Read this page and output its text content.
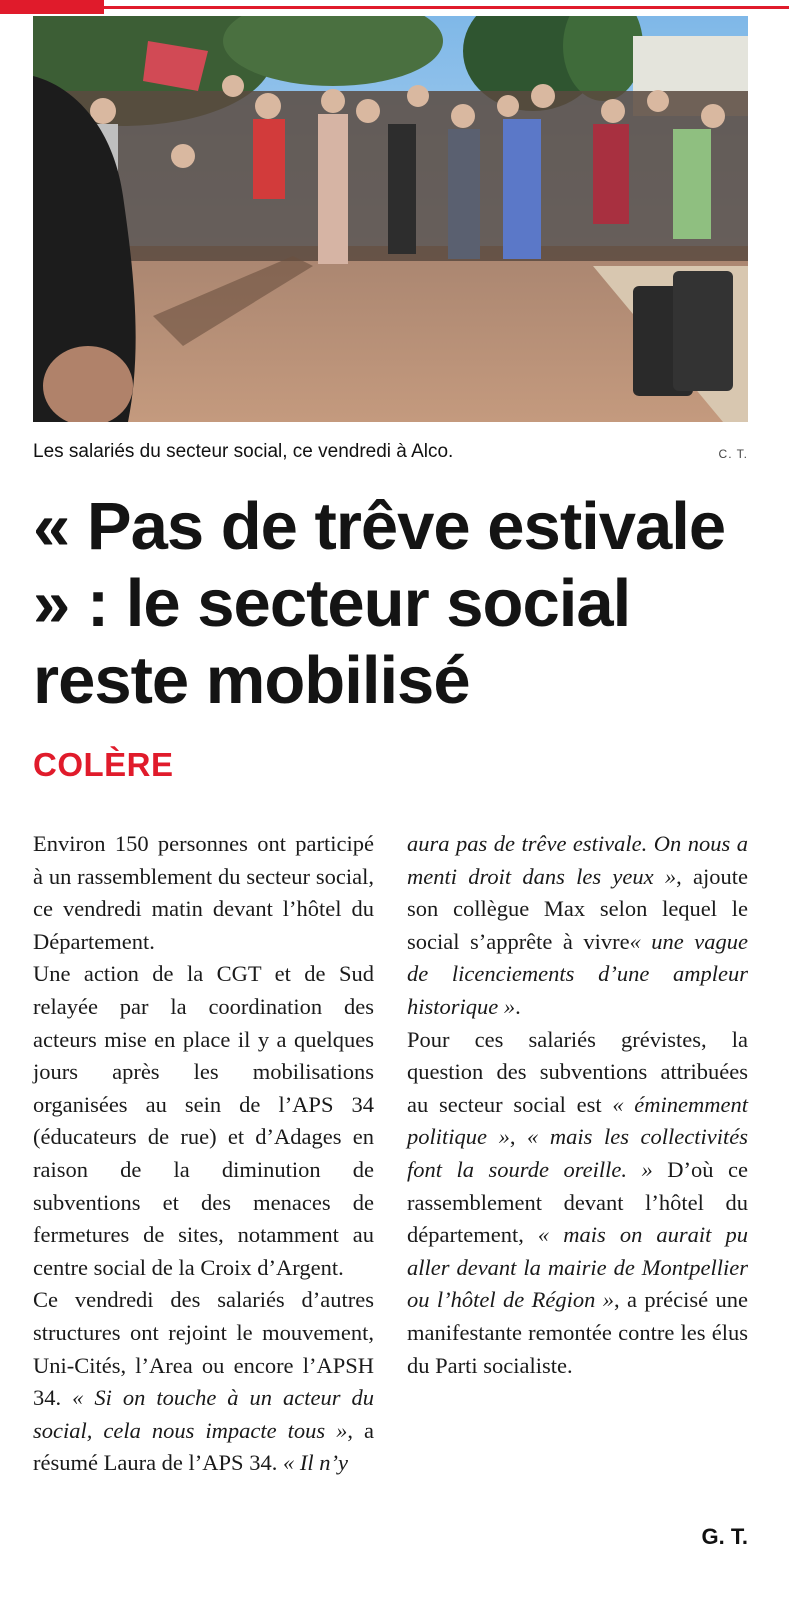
Les salariés du secteur social, ce vendredi à Alco.	C. T.
« Pas de trêve estivale » : le secteur social reste mobilisé
COLÈRE

Environ 150 personnes ont participé à un rassemblement du secteur social, ce vendredi matin devant l’hôtel du Département.

Une action de la CGT et de Sud relayée par la coordination des acteurs mise en place il y a quelques jours après les mobilisations organisées au sein de l’APS 34 (éducateurs de rue) et d’Adages en raison de la diminution de subventions et des menaces de fermetures de sites, notamment au centre social de la Croix d’Argent.

Ce vendredi des salariés d’autres structures ont rejoint le mouvement, Uni-Cités, l’Area ou encore l’APSH 34. « Si on touche à un acteur du social, cela nous impacte tous », a résumé Laura de l’APS 34. « Il n’y

aura pas de trêve estivale. On nous a menti droit dans les yeux », ajoute son collègue Max selon lequel le social s’apprête à vivre« une vague de licenciements d’une ampleur historique ».

Pour ces salariés grévistes, la question des subventions attribuées au secteur social est « éminemment politique », « mais les collectivités font la sourde oreille. » D’où ce rassemblement devant l’hôtel du département, « mais on aurait pu aller devant la mairie de Montpellier ou l’hôtel de Région », a précisé une manifestante remontée contre les élus du Parti socialiste.

G. T.
